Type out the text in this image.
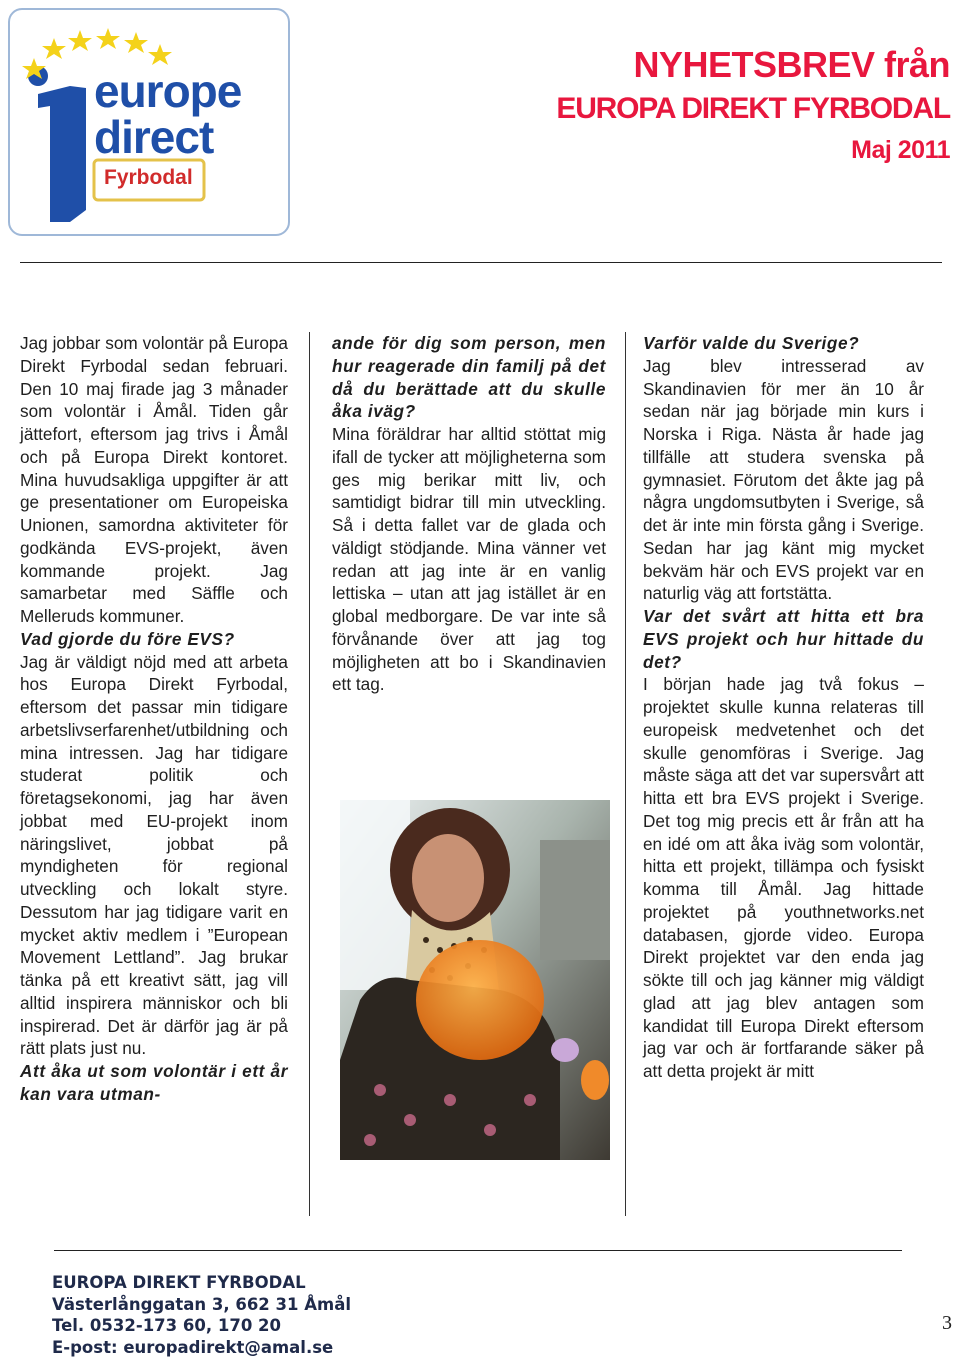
europe
direct
Fyrbodal
NYHETSBREV från
EUROPA DIREKT FYRBODAL
Maj 2011

Jag jobbar som volontär på Europa Direkt Fyrbodal sedan februari. Den 10 maj firade jag 3 månader som volontär i Åmål. Tiden går jättefort, eftersom jag trivs i Åmål och på Europa Direkt kontoret. Mina huvudsakliga uppgifter är att ge presentationer om Europeiska Unionen, samordna aktiviteter för godkända EVS-projekt, även kommande projekt. Jag samarbetar med Säffle och Melleruds kommuner.

Vad gjorde du före EVS?

Jag är väldigt nöjd med att arbeta hos Europa Direkt Fyrbodal, eftersom det passar min tidigare arbetslivserfarenhet/utbildning och mina intressen. Jag har tidigare studerat politik och företagsekonomi, jag har även jobbat med EU-projekt inom näringslivet, jobbat på myndigheten för regional utveckling och lokalt styre. Dessutom har jag tidigare varit en mycket aktiv medlem i ”European Movement Lettland”. Jag brukar tänka på ett kreativt sätt, jag vill alltid inspirera människor och bli inspirerad. Det är därför jag är på rätt plats just nu.

Att åka ut som volontär i ett år kan vara utman-

ande för dig som person, men hur reagerade din familj på det då du berättade att du skulle åka iväg?

Mina föräldrar har alltid stöttat mig ifall de tycker att möjligheterna som ges mig berikar mitt liv, och samtidigt bidrar till min utveckling. Så i detta fallet var de glada och väldigt stödjande. Mina vänner vet redan att jag inte är en vanlig lettiska – utan att jag istället är en global medborgare. De var inte så förvånande över att jag tog möjligheten att bo i Skandinavien ett tag.

Varför valde du Sverige?

Jag blev intresserad av Skandinavien för mer än 10 år sedan när jag började min kurs i Norska i Riga. Nästa år hade jag tillfälle att studera svenska på gymnasiet. Förutom det åkte jag på några ungdomsutbyten i Sverige, så det är inte min första gång i Sverige. Sedan har jag känt mig mycket bekväm här och EVS projekt var en naturlig väg att fortstätta.

Var det svårt att hitta ett bra EVS projekt och hur hittade du det?

I början hade jag två fokus – projektet skulle kunna relateras till europeisk medvetenhet och det skulle genomföras i Sverige. Jag måste säga att det var supersvårt att hitta ett bra EVS projekt i Sverige. Det tog mig precis ett år från att ha en idé om att åka iväg som volontär, hitta ett projekt, tillämpa och fysiskt komma till Åmål. Jag hittade projektet på youthnetworks.net databasen, gjorde video. Europa Direkt projektet var den enda jag sökte till och jag känner mig väldigt glad att jag blev antagen som kandidat till Europa Direkt eftersom jag var och är fortfarande säker på att detta projekt är mitt

EUROPA DIREKT FYRBODAL
Västerlånggatan 3, 662 31 Åmål
Tel. 0532-173 60, 170 20
E-post: europadirekt@amal.se
3
